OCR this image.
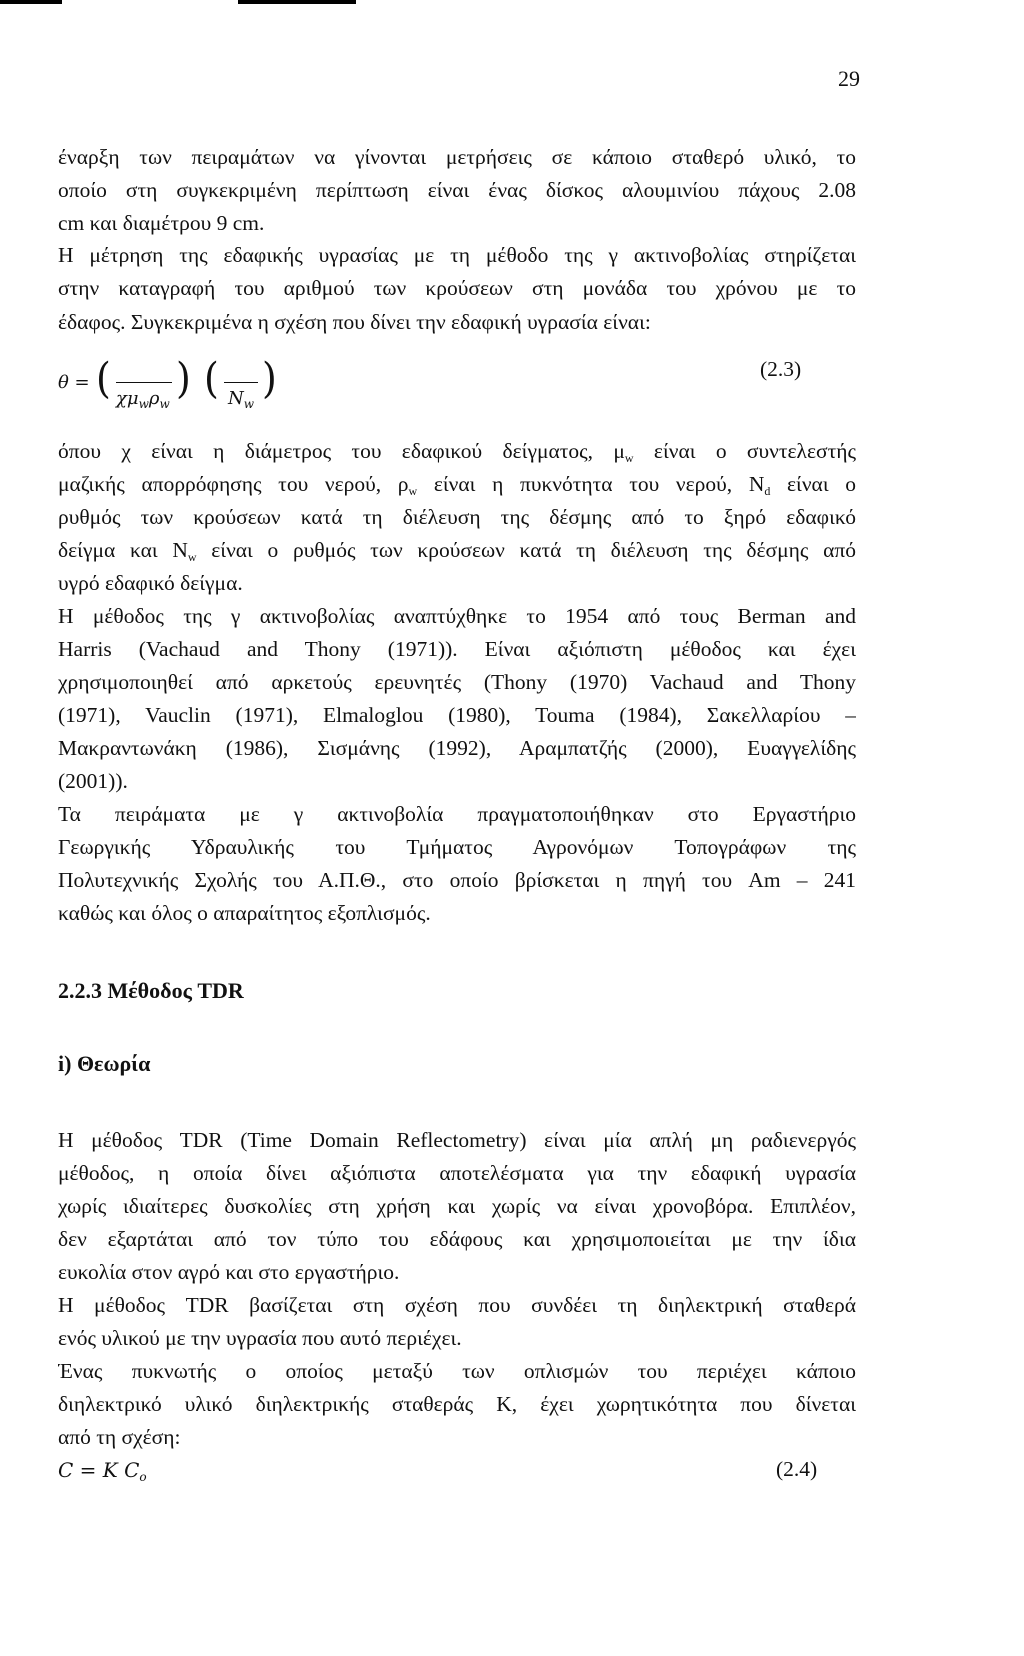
29
έναρξη των πειραμάτων να γίνονται μετρήσεις σε κάποιο σταθερό υλικό, το
οποίο στη συγκεκριμένη περίπτωση είναι ένας δίσκος αλουμινίου πάχους 2.08
cm και διαμέτρου 9 cm.
Η μέτρηση της εδαφικής υγρασίας με τη μέθοδο της γ ακτινοβολίας στηρίζεται
στην καταγραφή του αριθμού των κρούσεων στη μονάδα του χρόνου με το
έδαφος. Συγκεκριμένα η σχέση που δίνει την εδαφική υγρασία είναι:
θ = ( $\chi\mu_w\rho_w$
) ( $N_w$
)	(2.3)
όπου χ είναι η διάμετρος του εδαφικού δείγματος, $\mu_w$ είναι ο συντελεστής
μαζικής απορρόφησης του νερού, $\rho_w$ είναι η πυκνότητα του νερού, $N_d$ είναι ο
ρυθμός των κρούσεων κατά τη διέλευση της δέσμης από το ξηρό εδαφικό
δείγμα και $N_w$ είναι ο ρυθμός των κρούσεων κατά τη διέλευση της δέσμης από
υγρό εδαφικό δείγμα.
Η μέθοδος της γ ακτινοβολίας αναπτύχθηκε το 1954 από τους Berman and
Harris (Vachaud and Thony (1971)). Είναι αξιόπιστη μέθοδος και έχει
χρησιμοποιηθεί από αρκετούς ερευνητές (Thony (1970) Vachaud and Thony
(1971), Vauclin (1971), Elmaloglou (1980), Touma (1984), Σακελλαρίου –
Μακραντωνάκη (1986), Σισμάνης (1992), Αραμπατζής (2000), Ευαγγελίδης
(2001)).
Τα πειράματα με γ ακτινοβολία πραγματοποιήθηκαν στο Εργαστήριο
Γεωργικής Υδραυλικής του Τμήματος Αγρονόμων Τοπογράφων της
Πολυτεχνικής Σχολής του Α.Π.Θ., στο οποίο βρίσκεται η πηγή του Am – 241
καθώς και όλος ο απαραίτητος εξοπλισμός.
2.2.3 Μέθοδος TDR
i) Θεωρία
Η μέθοδος TDR (Time Domain Reflectometry) είναι μία απλή μη ραδιενεργός
μέθοδος, η οποία δίνει αξιόπιστα αποτελέσματα για την εδαφική υγρασία
χωρίς ιδιαίτερες δυσκολίες στη χρήση και χωρίς να είναι χρονοβόρα. Επιπλέον,
δεν εξαρτάται από τον τύπο του εδάφους και χρησιμοποιείται με την ίδια
ευκολία στον αγρό και στο εργαστήριο.
Η μέθοδος TDR βασίζεται στη σχέση που συνδέει τη διηλεκτρική σταθερά
ενός υλικού με την υγρασία που αυτό περιέχει.
Ένας πυκνωτής ο οποίος μεταξύ των οπλισμών του περιέχει κάποιο
διηλεκτρικό υλικό διηλεκτρικής σταθεράς Κ, έχει χωρητικότητα που δίνεται
από τη σχέση:
C = K $C_o$	(2.4)
